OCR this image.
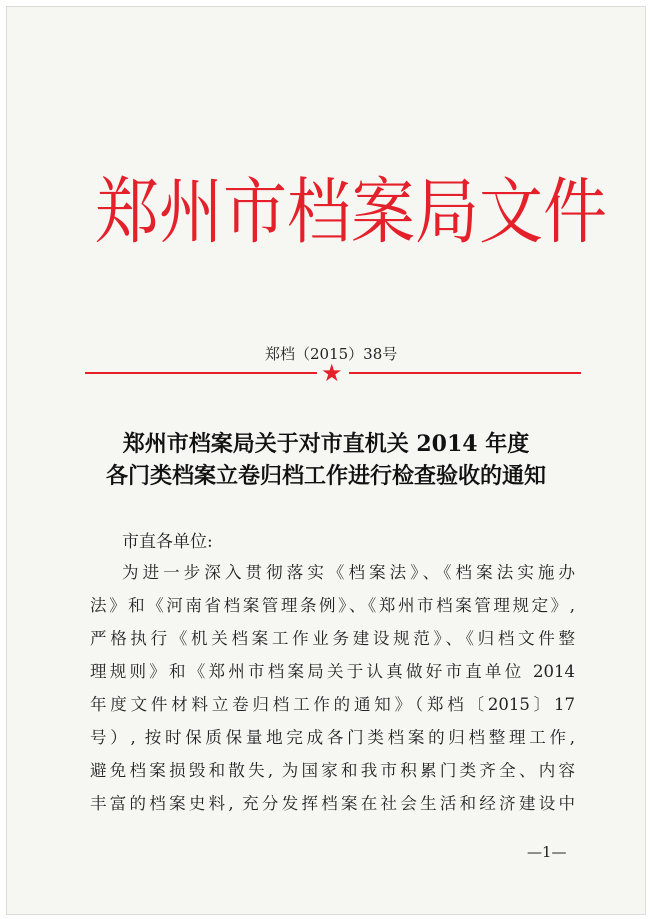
郑州市档案局文件
郑档（2015）38号
★
郑州市档案局关于对市直机关 2014 年度
各门类档案立卷归档工作进行检查验收的通知
市直各单位:
为进一步深入贯彻落实《档案法》、《档案法实施办
法》和《河南省档案管理条例》、《郑州市档案管理规定》,
严格执行《机关档案工作业务建设规范》、《归档文件整
理规则》和《郑州市档案局关于认真做好市直单位 2014
年度文件材料立卷归档工作的通知》（郑档〔2015〕17
号）, 按时保质保量地完成各门类档案的归档整理工作,
避免档案损毁和散失, 为国家和我市积累门类齐全、内容
丰富的档案史料, 充分发挥档案在社会生活和经济建设中
—1—
